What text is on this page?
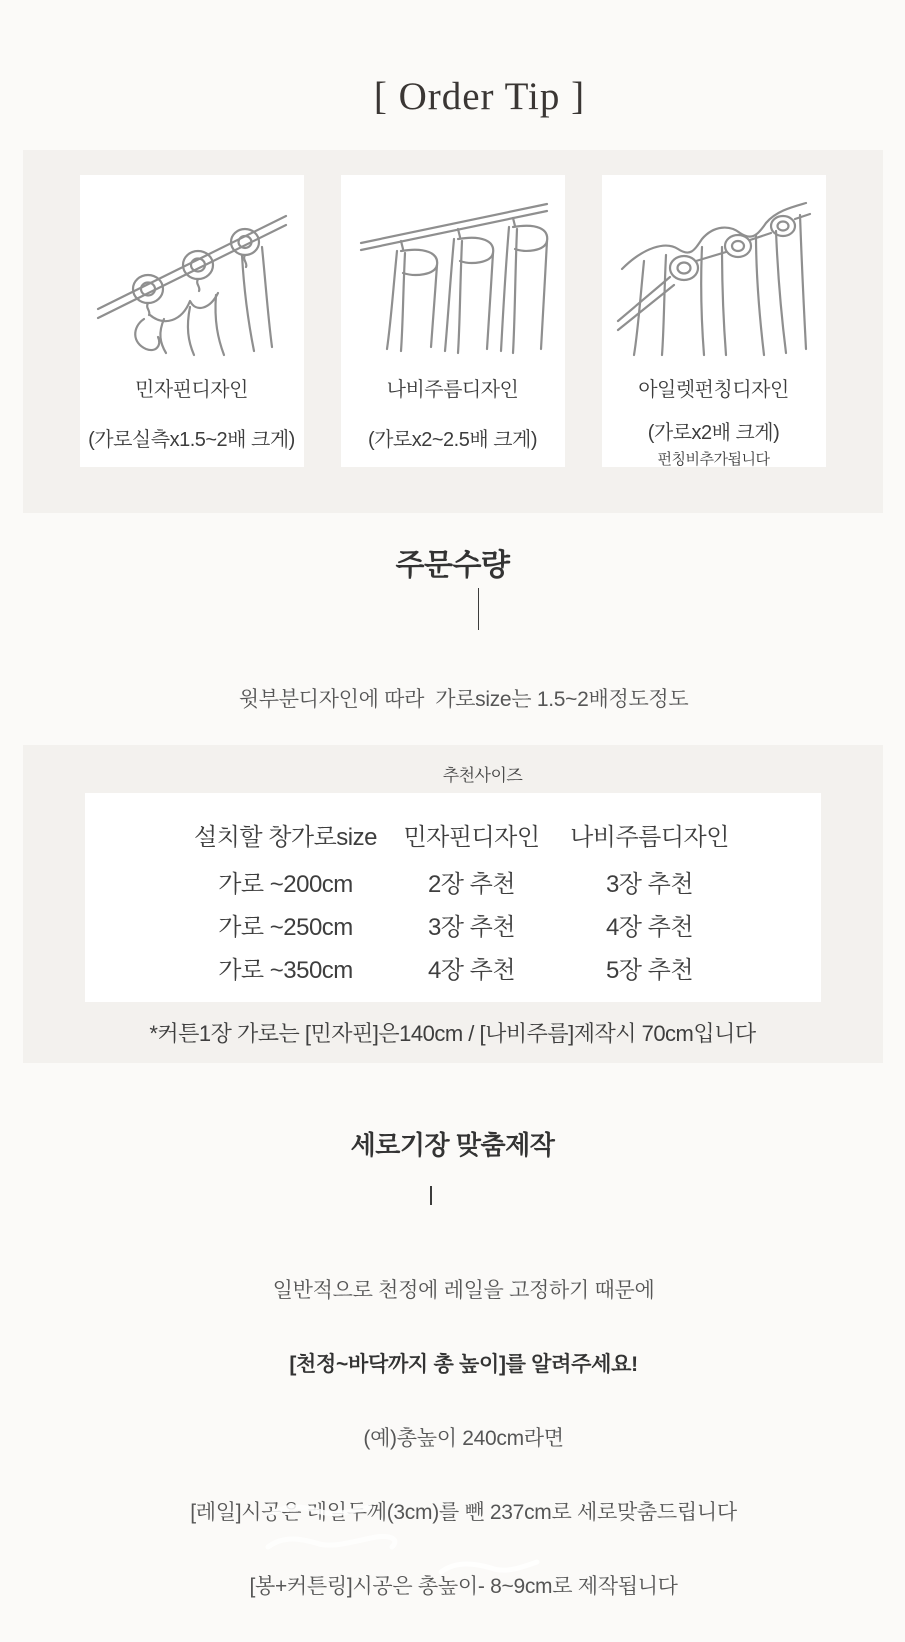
[ Order Tip ]
민자핀디자인
(가로실측x1.5~2배 크게)
나비주름디자인
(가로x2~2.5배 크게)
아일렛펀칭디자인
(가로x2배 크게)
펀칭비추가됩니다
주문수량

윗부분디자인에 따라  가로size는 1.5~2배정도정도

추천사이즈
설치할 창가로size	민자핀디자인	나비주름디자인
가로 ~200cm	2장 추천	3장 추천
가로 ~250cm	3장 추천	4장 추천
가로 ~350cm	4장 추천	5장 추천
*커튼1장 가로는 [민자핀]은140cm / [나비주름]제작시 70cm입니다
세로기장 맞춤제작

일반적으로 천정에 레일을 고정하기 때문에

[천정~바닥까지 총 높이]를 알려주세요!

(예)총높이 240cm라면

[레일]시공은 레일두께(3cm)를 뺀 237cm로 세로맞춤드립니다

[봉+커튼링]시공은 총높이- 8~9cm로 제작됩니다
